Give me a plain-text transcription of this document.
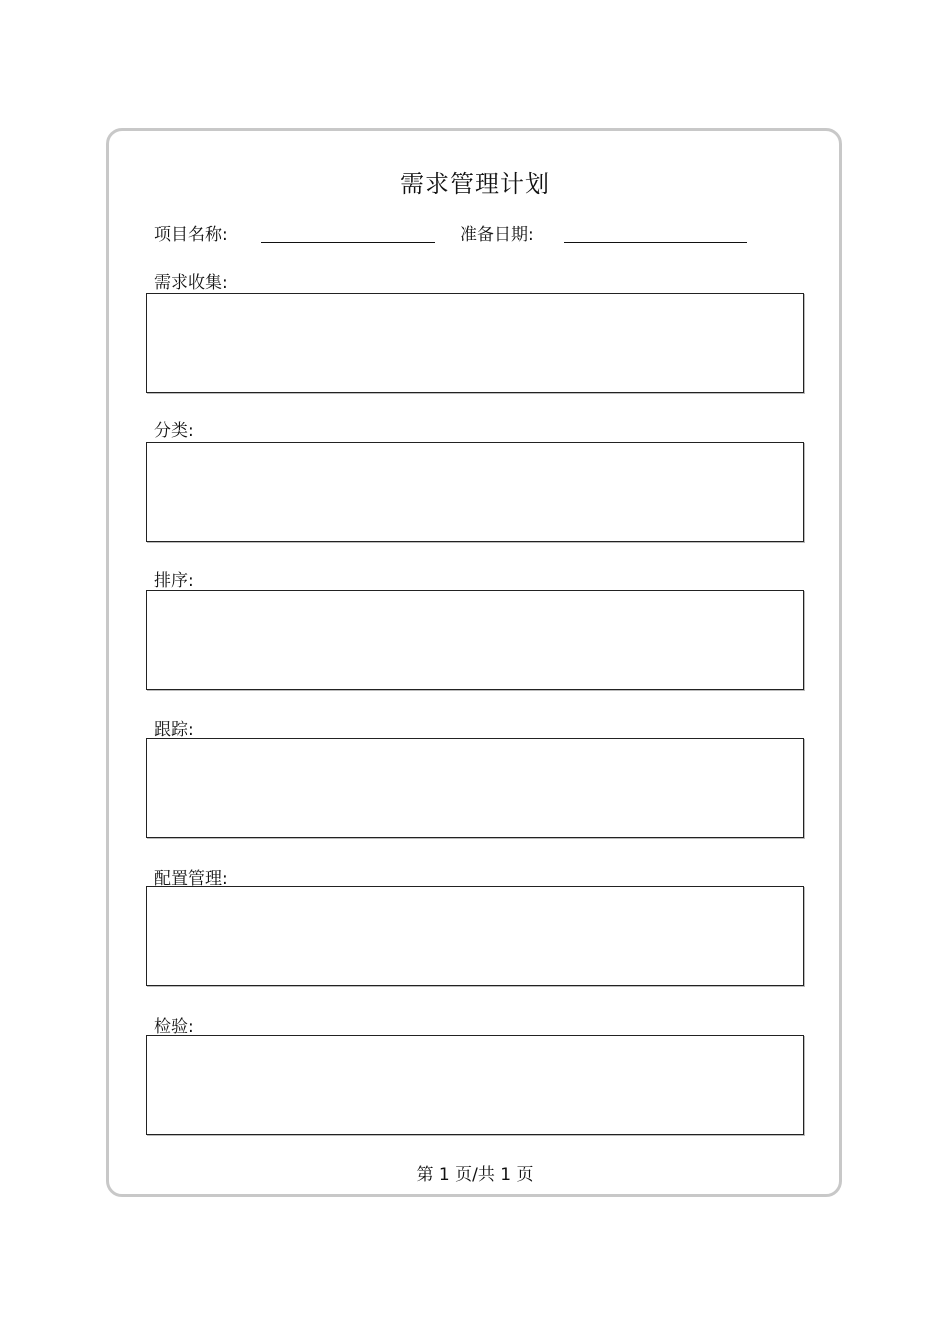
需求管理计划
项目名称:	准备日期:
需求收集:
分类:
排序:
跟踪:
配置管理:
检验:
第 1 页/共 1 页
